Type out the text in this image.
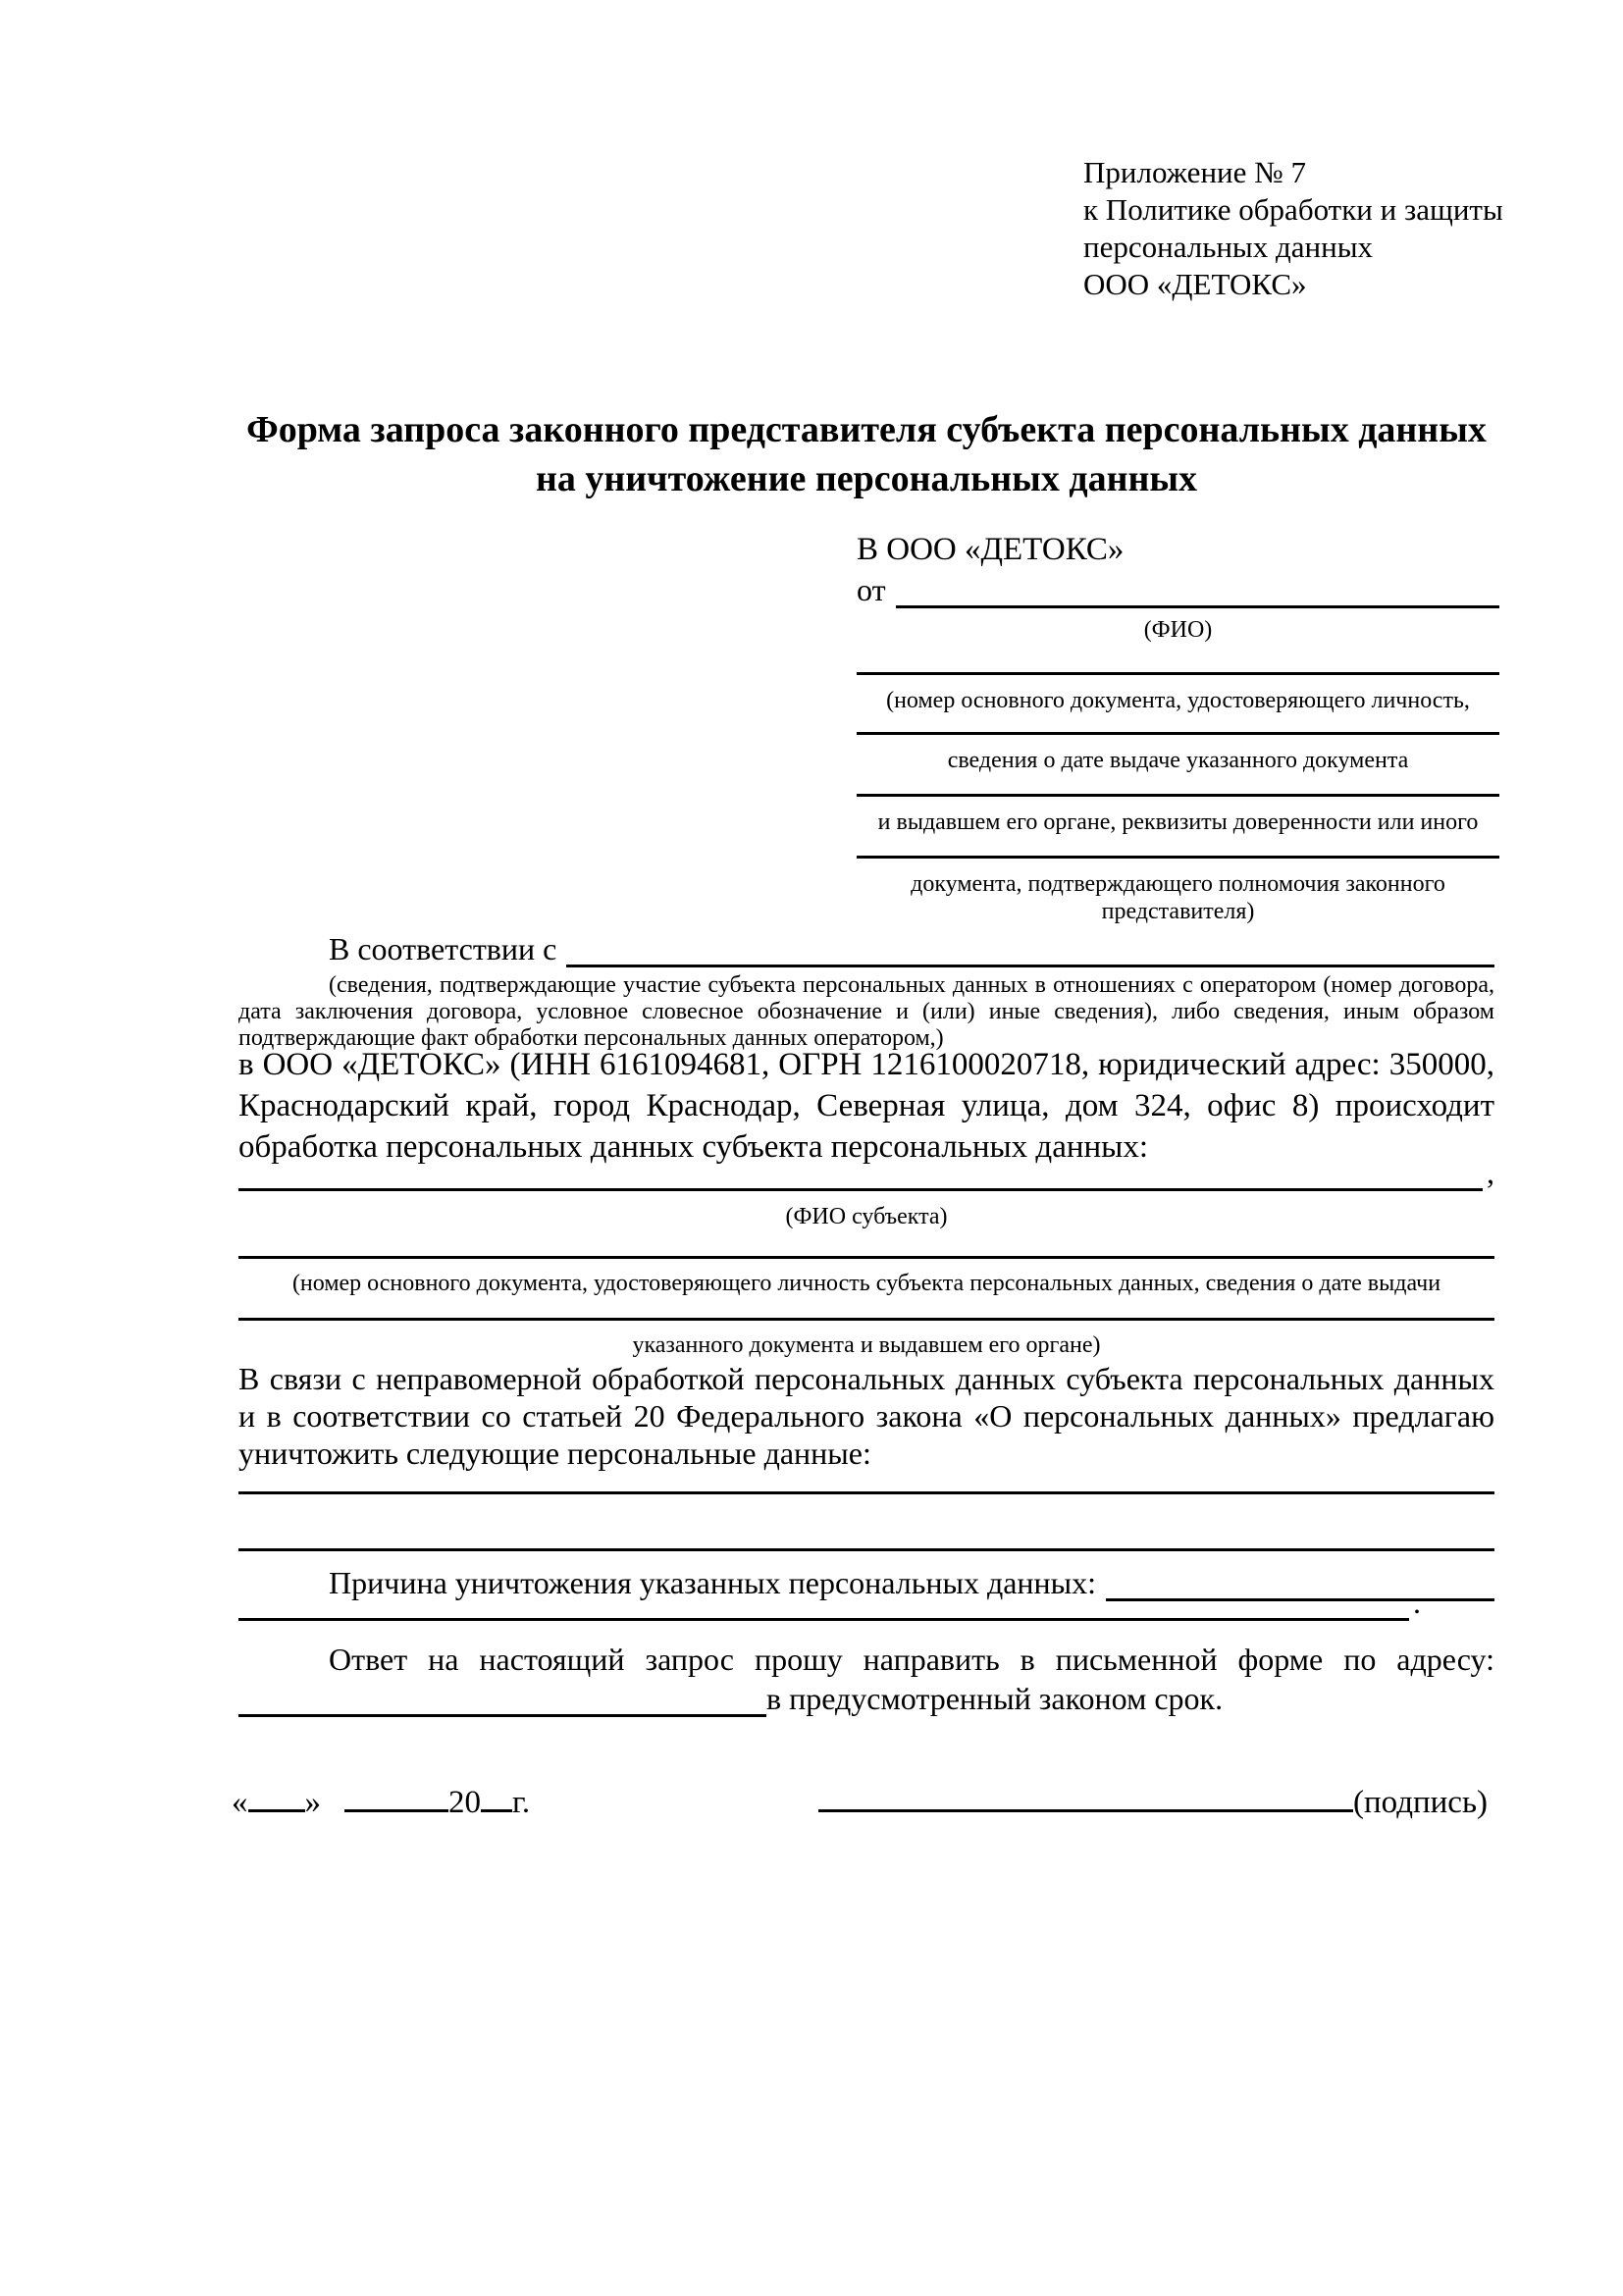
Приложение № 7

к Политике обработки и защиты

персональных данных

ООО «ДЕТОКС»

Форма запроса законного представителя субъекта персональных данных
на уничтожение персональных данных
В ООО «ДЕТОКС»
от
(ФИО)
(номер основного документа, удостоверяющего личность,
сведения о дате выдаче указанного документа
и выдавшем его органе, реквизиты доверенности или иного
документа, подтверждающего полномочия законного представителя)
В соответствии с

(сведения, подтверждающие участие субъекта персональных данных в отношениях с оператором (номер договора, дата заключения договора, условное словесное обозначение и (или) иные сведения), либо сведения, иным образом подтверждающие факт обработки персональных данных оператором,)

в ООО «ДЕТОКС» (ИНН 6161094681, ОГРН 1216100020718, юридический адрес: 350000, Краснодарский край, город Краснодар, Северная улица, дом 324, офис 8) происходит обработка персональных данных субъекта персональных данных:

,
(ФИО субъекта)
(номер основного документа, удостоверяющего личность субъекта персональных данных, сведения о дате выдачи
указанного документа и выдавшем его органе)

В связи с неправомерной обработкой персональных данных субъекта персональных данных и в соответствии со статьей 20 Федерального закона «О персональных данных» предлагаю уничтожить следующие персональные данные:

Причина уничтожения указанных персональных данных:
.

Ответ на настоящий запрос прошу направить в письменной форме по адресу:

в предусмотренный законом срок.
« »	20 г.	(подпись)
